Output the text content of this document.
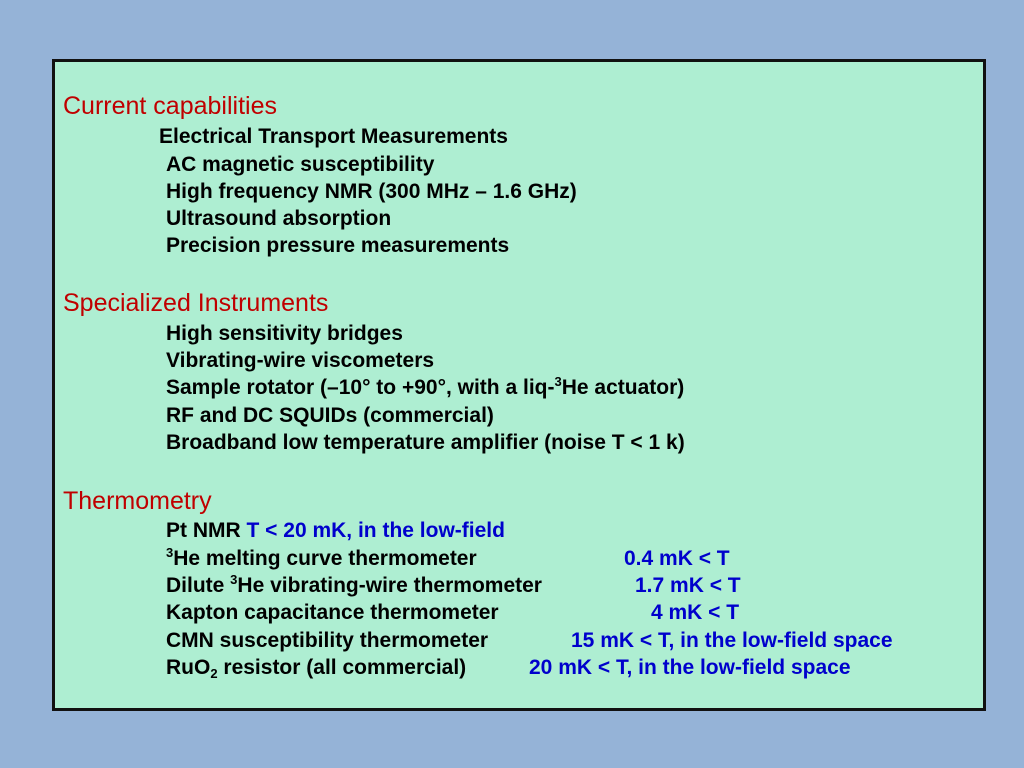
Current capabilities
Electrical Transport Measurements
AC magnetic susceptibility
High frequency NMR (300 MHz – 1.6 GHz)
Ultrasound absorption
Precision pressure measurements
Specialized Instruments
High sensitivity bridges
Vibrating-wire viscometers
Sample rotator (–10° to +90°, with a liq-$^3$He actuator)
RF and DC SQUIDs (commercial)
Broadband low temperature amplifier (noise T < 1 k)
Thermometry
Pt NMR T < 20 mK, in the low-field
$^3$He melting curve thermometer	0.4 mK < T
Dilute $^3$He vibrating-wire thermometer	1.7 mK < T
Kapton capacitance thermometer	4 mK < T
CMN susceptibility thermometer	15 mK < T, in the low-field space
RuO$_2$ resistor (all commercial)	20 mK < T, in the low-field space
